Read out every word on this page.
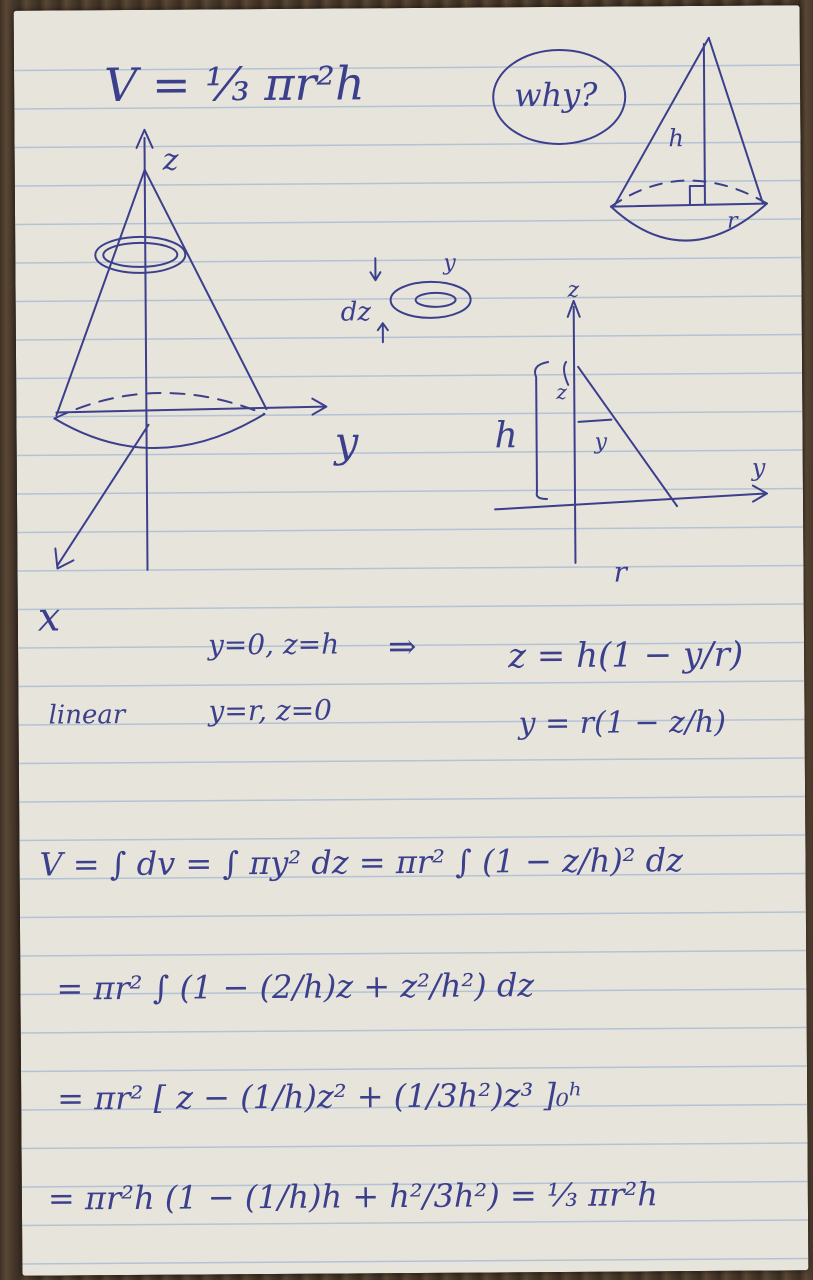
V = ⅓ πr²h	why?
z
y
x
dz
y
h
r
z
y
h
z
y
r
y=0, z=h ⇒
linear	y=r, z=0
z = h(1 − y/r)
y = r(1 − z/h)
V = ∫ dv = ∫ πy² dz = πr² ∫ (1 − z/h)² dz
= πr² ∫ (1 − (2/h)z + z²/h²) dz
= πr² [ z − (1/h)z² + (1/3h²)z³ ]₀ʰ
= πr²h (1 − (1/h)h + h²/3h²) = ⅓ πr²h
